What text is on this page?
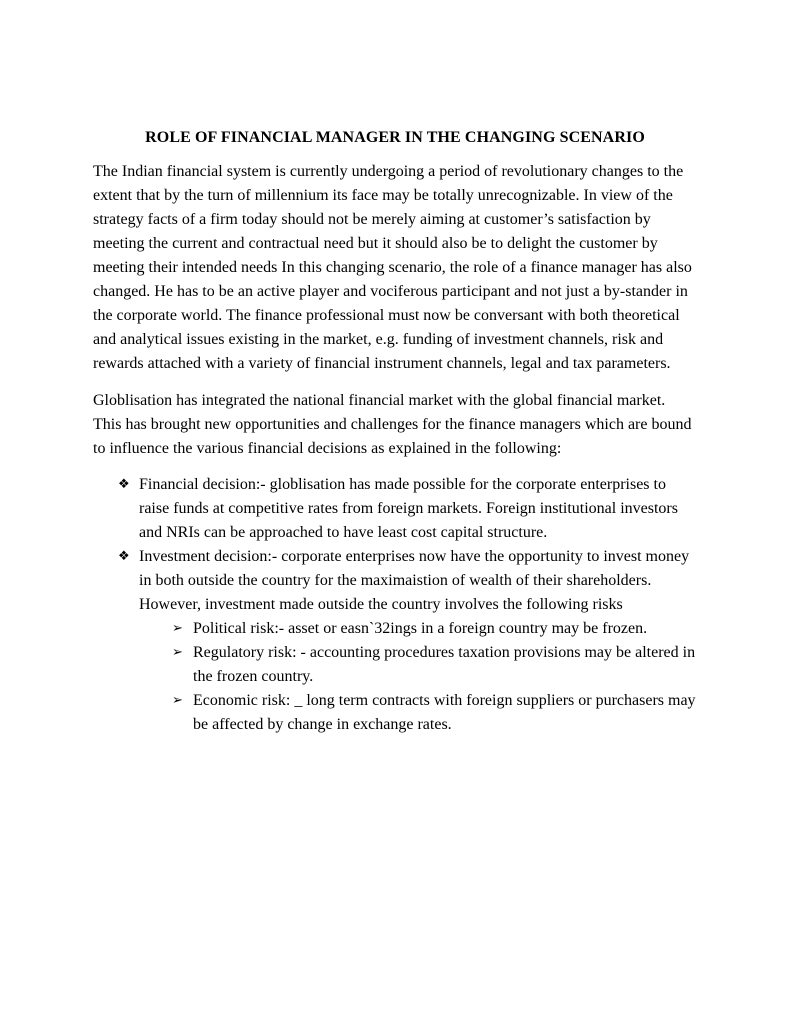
ROLE OF FINANCIAL MANAGER IN THE CHANGING SCENARIO

The Indian financial system is currently undergoing a period of revolutionary changes to the extent that by the turn of millennium its face may be totally unrecognizable. In view of the strategy facts of a firm today should not be merely aiming at customer’s satisfaction by meeting the current and contractual need but it should also be to delight the customer by meeting their intended needs In this changing scenario, the role of a finance manager has also changed. He has to be an active player and vociferous participant and not just a by-stander in the corporate world. The finance professional must now be conversant with both theoretical and analytical issues existing in the market, e.g. funding of investment channels, risk and rewards attached with a variety of financial instrument channels, legal and tax parameters.

Globlisation has integrated the national financial market with the global financial market. This has brought new opportunities and challenges for the finance managers which are bound to influence the various financial decisions as explained in the following:

❖ Financial decision:- globlisation has made possible for the corporate enterprises to raise funds at competitive rates from foreign markets. Foreign institutional investors and NRIs can be approached to have least cost capital structure.
❖ Investment decision:- corporate enterprises now have the opportunity to invest money in both outside the country for the maximaistion of wealth of their shareholders. However, investment made outside the country involves the following risks
➢ Political risk:- asset or easn`32ings in a foreign country may be frozen.
➢ Regulatory risk: - accounting procedures taxation provisions may be altered in the frozen country.
➢ Economic risk: _ long term contracts with foreign suppliers or purchasers may be affected by change in exchange rates.
